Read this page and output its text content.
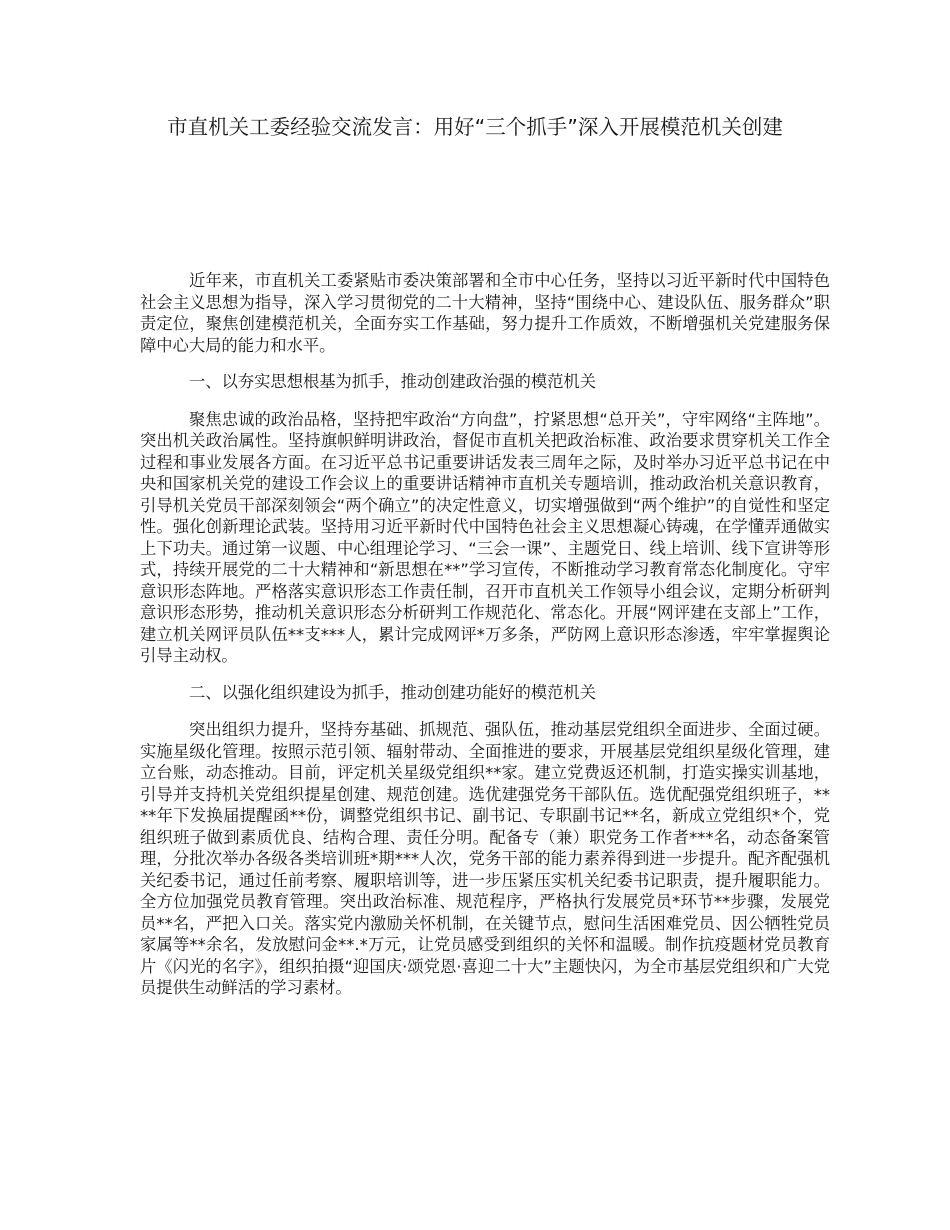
市直机关工委经验交流发言：用好“三个抓手”深入开展模范机关创建

近年来，市直机关工委紧贴市委决策部署和全市中心任务，坚持以习近平新时代中国特色社会主义思想为指导，深入学习贯彻党的二十大精神，坚持“围绕中心、建设队伍、服务群众”职责定位，聚焦创建模范机关，全面夯实工作基础，努力提升工作质效，不断增强机关党建服务保障中心大局的能力和水平。

一、以夯实思想根基为抓手，推动创建政治强的模范机关

聚焦忠诚的政治品格，坚持把牢政治“方向盘”，拧紧思想“总开关”，守牢网络“主阵地”。突出机关政治属性。坚持旗帜鲜明讲政治，督促市直机关把政治标准、政治要求贯穿机关工作全过程和事业发展各方面。在习近平总书记重要讲话发表三周年之际，及时举办习近平总书记在中央和国家机关党的建设工作会议上的重要讲话精神市直机关专题培训，推动政治机关意识教育，引导机关党员干部深刻领会“两个确立”的决定性意义，切实增强做到“两个维护”的自觉性和坚定性。强化创新理论武装。坚持用习近平新时代中国特色社会主义思想凝心铸魂，在学懂弄通做实上下功夫。通过第一议题、中心组理论学习、“三会一课”、主题党日、线上培训、线下宣讲等形式，持续开展党的二十大精神和“新思想在**”学习宣传，不断推动学习教育常态化制度化。守牢意识形态阵地。严格落实意识形态工作责任制，召开市直机关工作领导小组会议，定期分析研判意识形态形势，推动机关意识形态分析研判工作规范化、常态化。开展“网评建在支部上”工作，建立机关网评员队伍**支***人，累计完成网评*万多条，严防网上意识形态渗透，牢牢掌握舆论引导主动权。

二、以强化组织建设为抓手，推动创建功能好的模范机关

突出组织力提升，坚持夯基础、抓规范、强队伍，推动基层党组织全面进步、全面过硬。实施星级化管理。按照示范引领、辐射带动、全面推进的要求，开展基层党组织星级化管理，建立台账，动态推动。目前，评定机关星级党组织**家。建立党费返还机制，打造实操实训基地，引导并支持机关党组织提星创建、规范创建。选优建强党务干部队伍。选优配强党组织班子，****年下发换届提醒函**份，调整党组织书记、副书记、专职副书记**名，新成立党组织*个，党组织班子做到素质优良、结构合理、责任分明。配备专（兼）职党务工作者***名，动态备案管理，分批次举办各级各类培训班*期***人次，党务干部的能力素养得到进一步提升。配齐配强机关纪委书记，通过任前考察、履职培训等，进一步压紧压实机关纪委书记职责，提升履职能力。全方位加强党员教育管理。突出政治标准、规范程序，严格执行发展党员*环节**步骤，发展党员**名，严把入口关。落实党内激励关怀机制，在关键节点，慰问生活困难党员、因公牺牲党员家属等**余名，发放慰问金**.*万元，让党员感受到组织的关怀和温暖。制作抗疫题材党员教育片《闪光的名字》，组织拍摄“迎国庆·颂党恩·喜迎二十大”主题快闪，为全市基层党组织和广大党员提供生动鲜活的学习素材。
